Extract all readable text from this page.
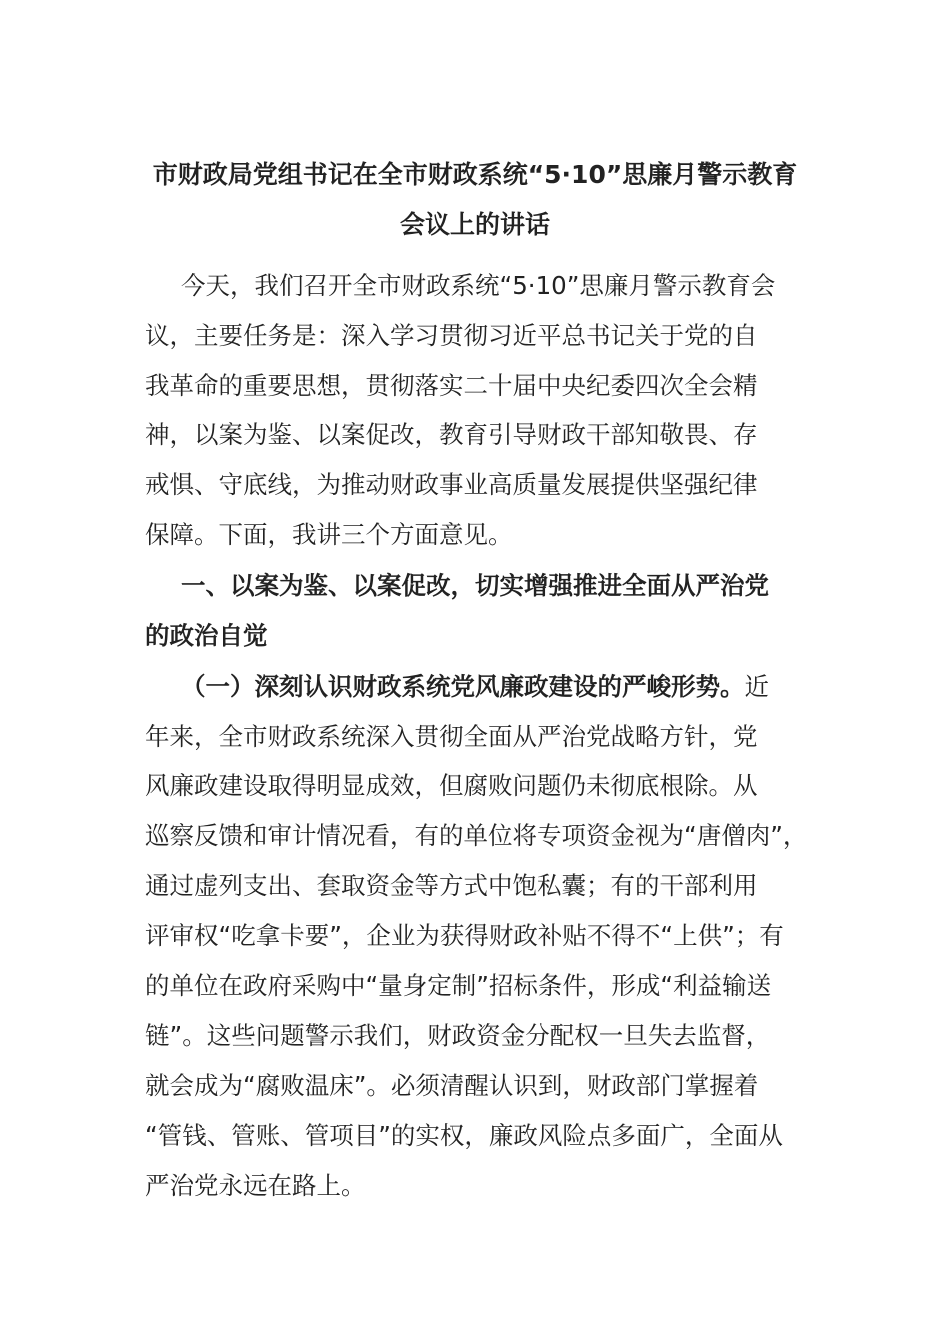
市财政局党组书记在全市财政系统“5·10”思廉月警示教育
会议上的讲话
今天，我们召开全市财政系统“5·10”思廉月警示教育会
议，主要任务是：深入学习贯彻习近平总书记关于党的自
我革命的重要思想，贯彻落实二十届中央纪委四次全会精
神，以案为鉴、以案促改，教育引导财政干部知敬畏、存
戒惧、守底线，为推动财政事业高质量发展提供坚强纪律
保障。下面，我讲三个方面意见。
一、以案为鉴、以案促改，切实增强推进全面从严治党
的政治自觉
（一）深刻认识财政系统党风廉政建设的严峻形势。近
年来，全市财政系统深入贯彻全面从严治党战略方针，党
风廉政建设取得明显成效，但腐败问题仍未彻底根除。从
巡察反馈和审计情况看，有的单位将专项资金视为“唐僧肉”，
通过虚列支出、套取资金等方式中饱私囊；有的干部利用
评审权“吃拿卡要”，企业为获得财政补贴不得不“上供”；有
的单位在政府采购中“量身定制”招标条件，形成“利益输送
链”。这些问题警示我们，财政资金分配权一旦失去监督，
就会成为“腐败温床”。必须清醒认识到，财政部门掌握着
“管钱、管账、管项目”的实权，廉政风险点多面广，全面从
严治党永远在路上。
